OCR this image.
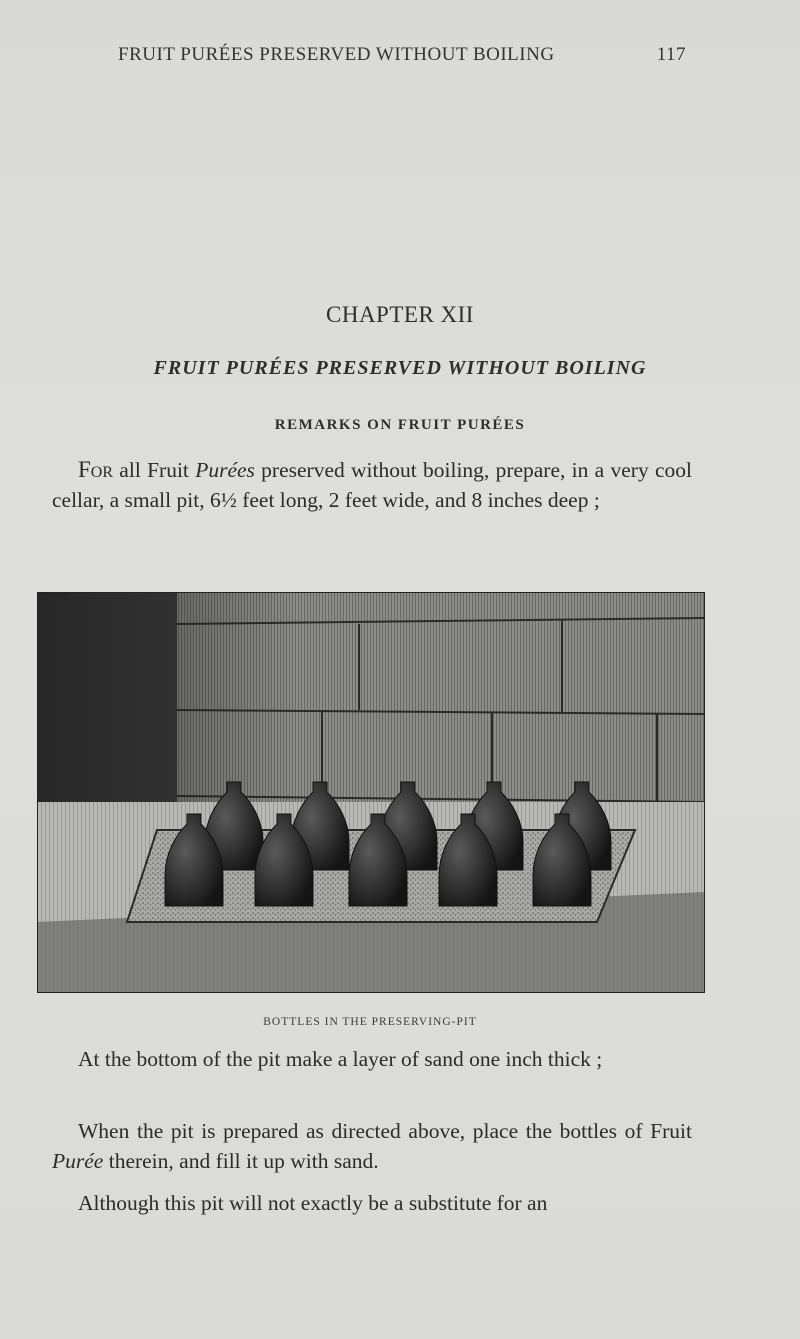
FRUIT PURÉES PRESERVED WITHOUT BOILING	117
CHAPTER XII
FRUIT PURÉES PRESERVED WITHOUT BOILING
REMARKS ON FRUIT PURÉES
For all Fruit Purées preserved without boiling, prepare, in a very cool cellar, a small pit, 6½ feet long, 2 feet wide, and 8 inches deep ;
BOTTLES IN THE PRESERVING-PIT
At the bottom of the pit make a layer of sand one inch thick ;
When the pit is prepared as directed above, place the bottles of Fruit Purée therein, and fill it up with sand.
Although this pit will not exactly be a substitute for an
